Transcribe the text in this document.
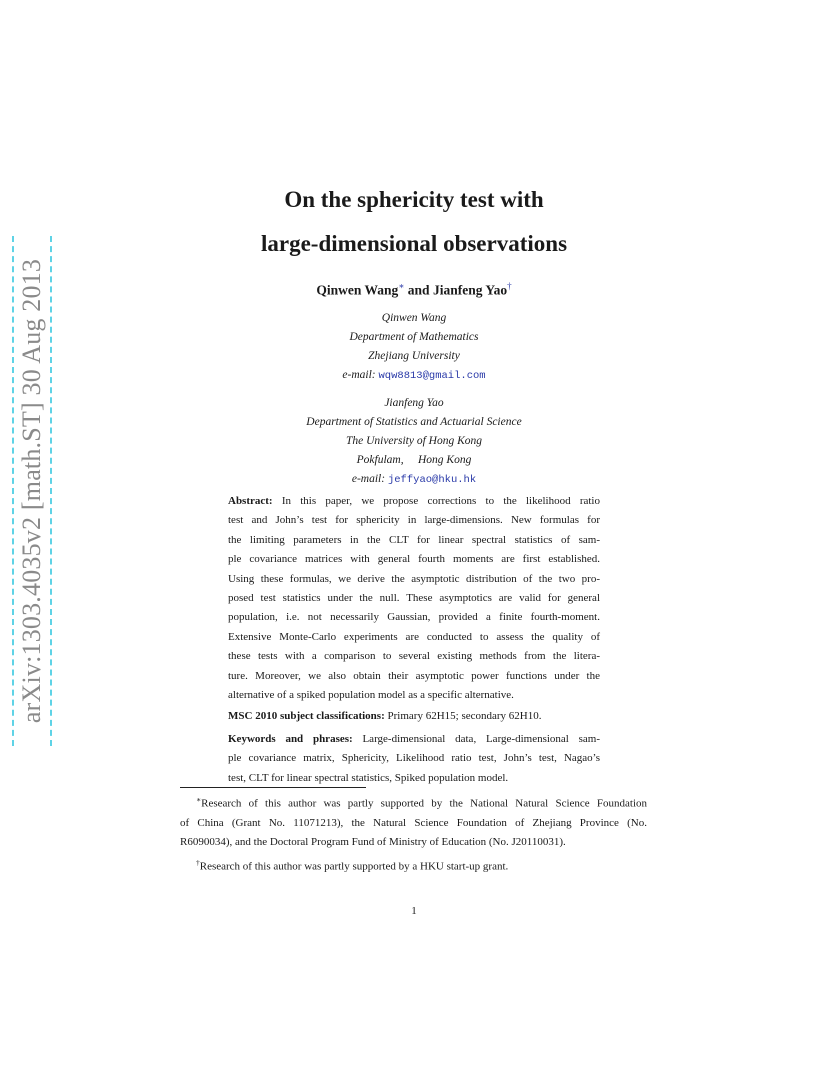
arXiv:1303.4035v2 [math.ST] 30 Aug 2013
On the sphericity test with
large-dimensional observations
Qinwen Wang∗ and Jianfeng Yao†
Qinwen Wang
Department of Mathematics
Zhejiang University
e-mail: wqw8813@gmail.com
Jianfeng Yao
Department of Statistics and Actuarial Science
The University of Hong Kong
Pokfulam,     Hong Kong
e-mail: jeffyao@hku.hk
Abstract: In this paper, we propose corrections to the likelihood ratio
test and John’s test for sphericity in large-dimensions. New formulas for
the limiting parameters in the CLT for linear spectral statistics of sam-
ple covariance matrices with general fourth moments are first established.
Using these formulas, we derive the asymptotic distribution of the two pro-
posed test statistics under the null. These asymptotics are valid for general
population, i.e. not necessarily Gaussian, provided a finite fourth-moment.
Extensive Monte-Carlo experiments are conducted to assess the quality of
these tests with a comparison to several existing methods from the litera-
ture. Moreover, we also obtain their asymptotic power functions under the
alternative of a spiked population model as a specific alternative.
MSC 2010 subject classifications: Primary 62H15; secondary 62H10.
Keywords and phrases: Large-dimensional data, Large-dimensional sam-
ple covariance matrix, Sphericity, Likelihood ratio test, John’s test, Nagao’s
test, CLT for linear spectral statistics, Spiked population model.
∗Research of this author was partly supported by the National Natural Science Foundation
of China (Grant No. 11071213), the Natural Science Foundation of Zhejiang Province (No.
R6090034), and the Doctoral Program Fund of Ministry of Education (No. J20110031).
†Research of this author was partly supported by a HKU start-up grant.
1
